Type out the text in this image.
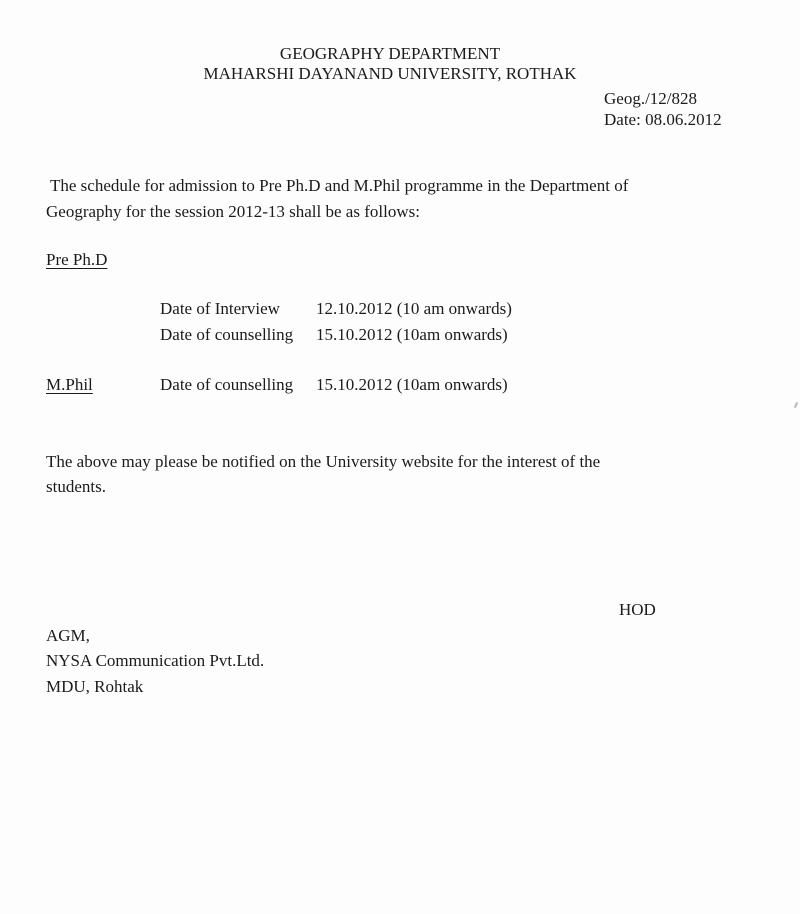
GEOGRAPHY DEPARTMENT
MAHARSHI DAYANAND UNIVERSITY, ROTHAK
Geog./12/828
Date: 08.06.2012
The schedule for admission to Pre Ph.D and M.Phil programme in the Department of
Geography for the session 2012-13 shall be as follows:
Pre Ph.D
Date of Interview 12.10.2012 (10 am onwards)
Date of counselling 15.10.2012 (10am onwards)
M.Phil	Date of counselling 15.10.2012 (10am onwards)
The above may please be notified on the University website for the interest of the
students.
HOD
AGM,
NYSA Communication Pvt.Ltd.
MDU, Rohtak
